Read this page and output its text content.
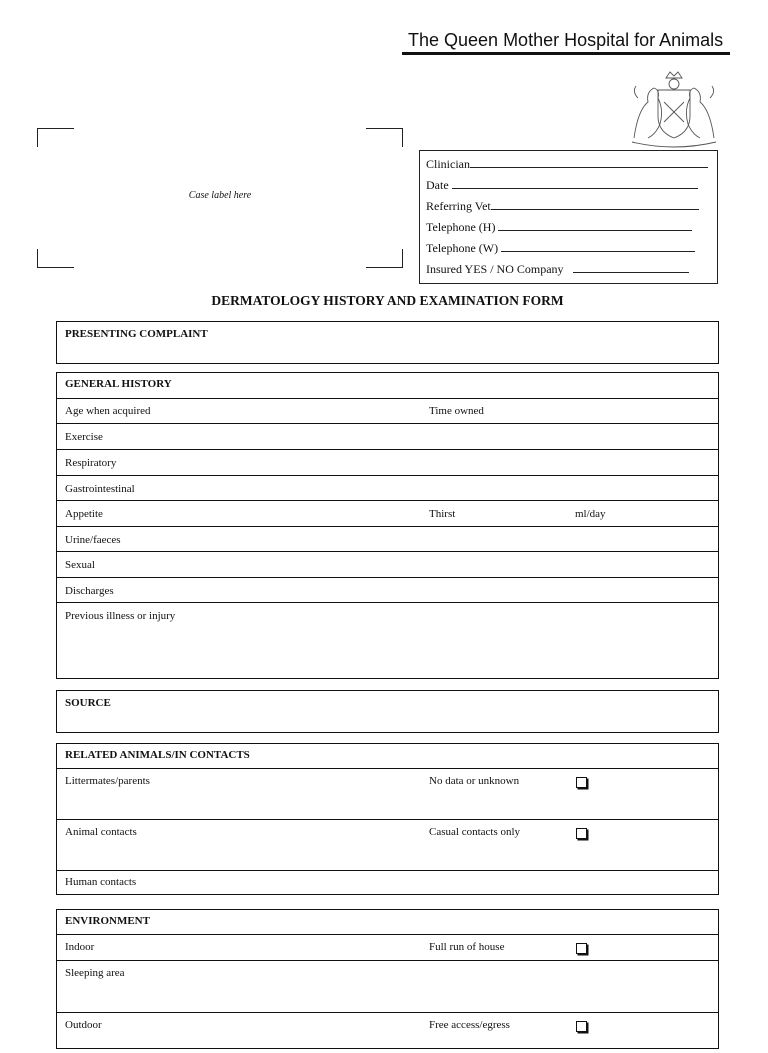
The Queen Mother Hospital for Animals
Case label here
Clinician
Date
Referring Vet
Telephone (H)
Telephone (W)
Insured YES / NO Company
DERMATOLOGY HISTORY AND EXAMINATION FORM
PRESENTING COMPLAINT
GENERAL HISTORY
Age when acquired	Time owned
Exercise
Respiratory
Gastrointestinal
Appetite	Thirst	ml/day
Urine/faeces
Sexual
Discharges
Previous illness or injury
SOURCE
RELATED ANIMALS/IN CONTACTS
Littermates/parents	No data or unknown
Animal contacts	Casual contacts only
Human contacts
ENVIRONMENT
Indoor	Full run of house
Sleeping area
Outdoor	Free access/egress
